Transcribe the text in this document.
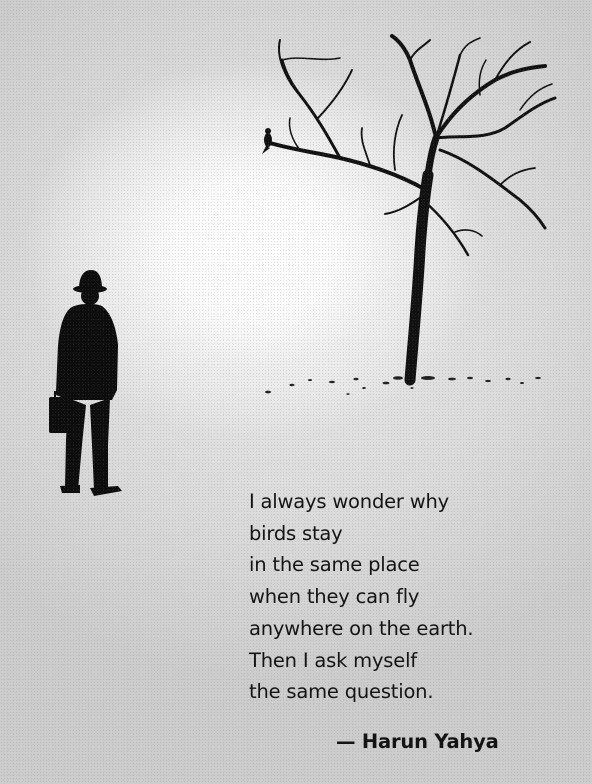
I always wonder why
birds stay
in the same place
when they can fly
anywhere on the earth.
Then I ask myself
the same question.

— Harun Yahya
